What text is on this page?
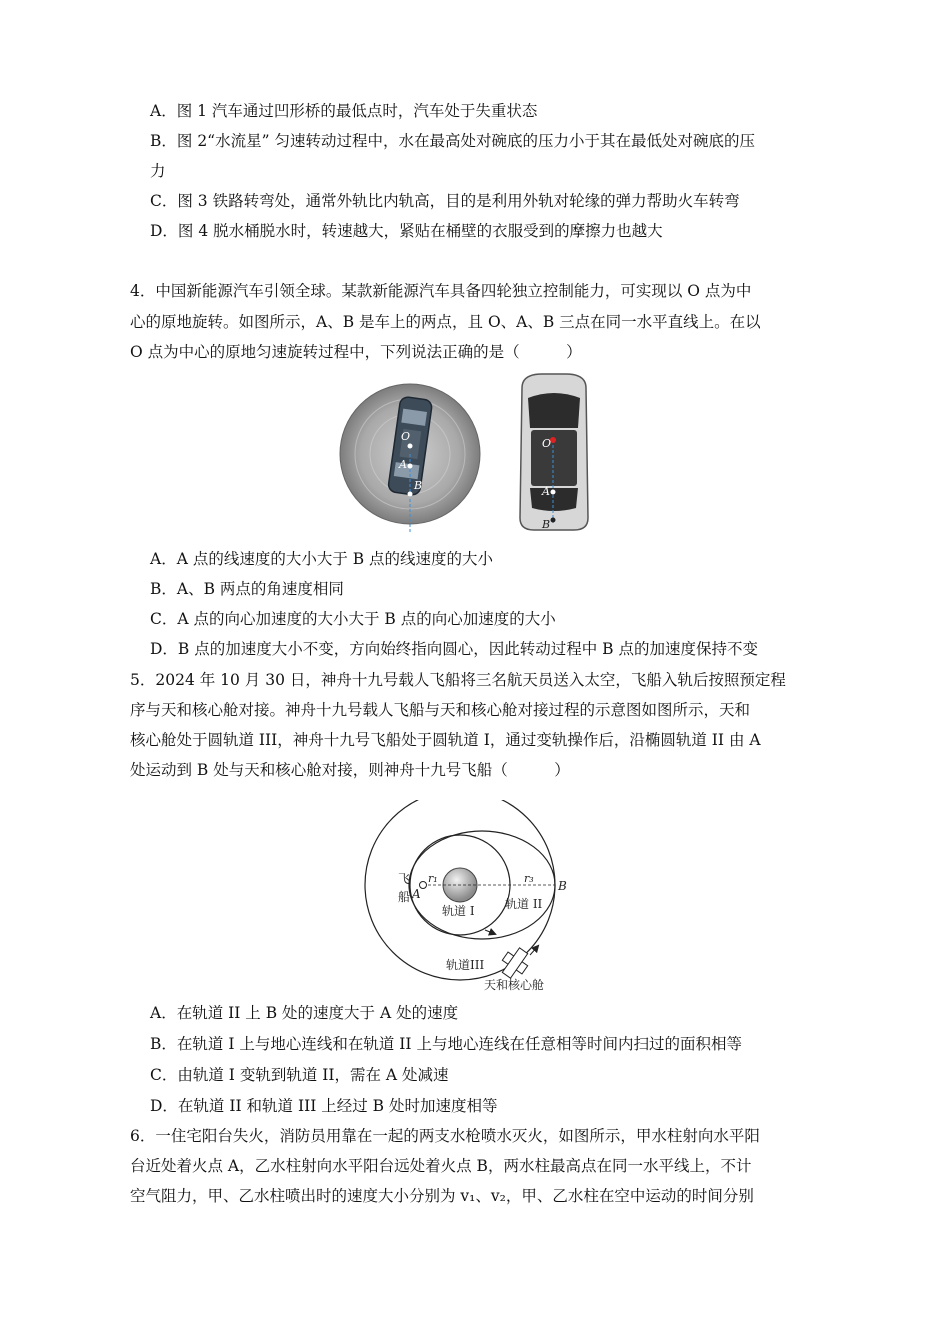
A．图 1 汽车通过凹形桥的最低点时，汽车处于失重状态
B．图 2“水流星” 匀速转动过程中，水在最高处对碗底的压力小于其在最低处对碗底的压
力
C．图 3 铁路转弯处，通常外轨比内轨高，目的是利用外轨对轮缘的弹力帮助火车转弯
D．图 4 脱水桶脱水时，转速越大，紧贴在桶壁的衣服受到的摩擦力也越大
4．中国新能源汽车引领全球。某款新能源汽车具备四轮独立控制能力，可实现以 O 点为中
心的原地旋转。如图所示，A、B 是车上的两点，且 O、A、B 三点在同一水平直线上。在以
O 点为中心的原地匀速旋转过程中，下列说法正确的是（　　　）
O
A
B
O
A
B
A．A 点的线速度的大小大于 B 点的线速度的大小
B．A、B 两点的角速度相同
C．A 点的向心加速度的大小大于 B 点的向心加速度的大小
D．B 点的加速度大小不变，方向始终指向圆心，因此转动过程中 B 点的加速度保持不变
5．2024 年 10 月 30 日，神舟十九号载人飞船将三名航天员送入太空，飞船入轨后按照预定程
序与天和核心舱对接。神舟十九号载人飞船与天和核心舱对接过程的示意图如图所示，天和
核心舱处于圆轨道 III，神舟十九号飞船处于圆轨道 I，通过变轨操作后，沿椭圆轨道 II 由 A
处运动到 B 处与天和核心舱对接，则神舟十九号飞船（　　　）
飞
船 A
B
r₁	r₃
轨道 I	轨道 II
轨道III
天和核心舱
A．在轨道 II 上 B 处的速度大于 A 处的速度
B．在轨道 I 上与地心连线和在轨道 II 上与地心连线在任意相等时间内扫过的面积相等
C．由轨道 I 变轨到轨道 II，需在 A 处减速
D．在轨道 II 和轨道 III 上经过 B 处时加速度相等
6．一住宅阳台失火，消防员用靠在一起的两支水枪喷水灭火，如图所示，甲水柱射向水平阳
台近处着火点 A，乙水柱射向水平阳台远处着火点 B，两水柱最高点在同一水平线上，不计
空气阻力，甲、乙水柱喷出时的速度大小分别为 v₁、v₂，甲、乙水柱在空中运动的时间分别
